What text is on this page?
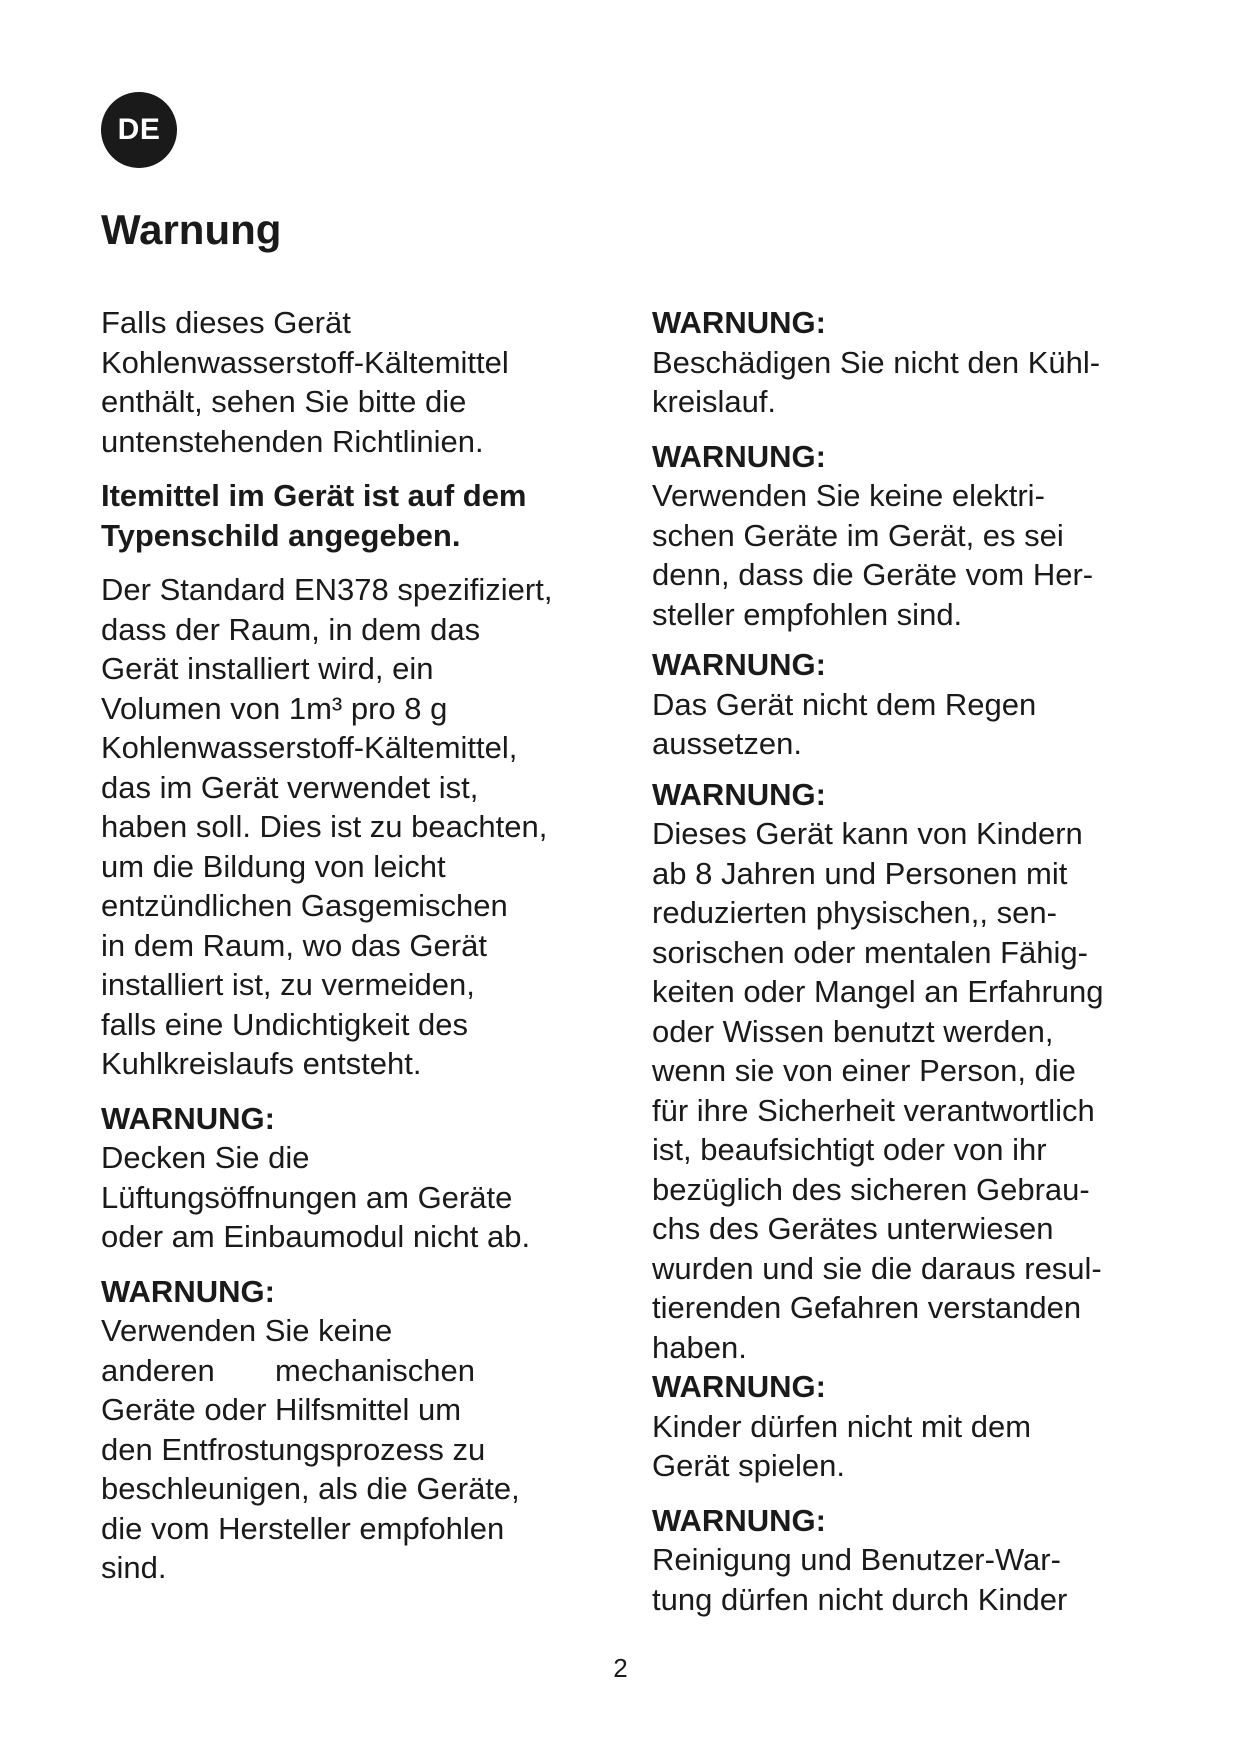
DE
Warnung

Falls dieses Gerät
Kohlenwasserstoff-Kältemittel
enthält, sehen Sie bitte die
untenstehenden Richtlinien.

Itemittel im Gerät ist auf dem
Typenschild angegeben.

Der Standard EN378 spezifiziert,
dass der Raum, in dem das
Gerät installiert wird, ein
Volumen von 1m³ pro 8 g
Kohlenwasserstoff-Kältemittel,
das im Gerät verwendet ist,
haben soll. Dies ist zu beachten,
um die Bildung von leicht
entzündlichen Gasgemischen
in dem Raum, wo das Gerät
installiert ist, zu vermeiden,
falls eine Undichtigkeit des
Kuhlkreislaufs entsteht.

WARNUNG:
Decken Sie die
Lüftungsöffnungen am Geräte
oder am Einbaumodul nicht ab.
WARNUNG:
Verwenden Sie keine
anderen       mechanischen
Geräte oder Hilfsmittel um
den Entfrostungsprozess zu
beschleunigen, als die Geräte,
die vom Hersteller empfohlen
sind.
WARNUNG:
Beschädigen Sie nicht den Kühl-
kreislauf.
WARNUNG:
Verwenden Sie keine elektri-
schen Geräte im Gerät, es sei
denn, dass die Geräte vom Her-
steller empfohlen sind.
WARNUNG:
Das Gerät nicht dem Regen
aussetzen.
WARNUNG:
Dieses Gerät kann von Kindern
ab 8 Jahren und Personen mit
reduzierten physischen,, sen-
sorischen oder mentalen Fähig-
keiten oder Mangel an Erfahrung
oder Wissen benutzt werden,
wenn sie von einer Person, die
für ihre Sicherheit verantwortlich
ist, beaufsichtigt oder von ihr
bezüglich des sicheren Gebrau-
chs des Gerätes unterwiesen
wurden und sie die daraus resul-
tierenden Gefahren verstanden
haben.
WARNUNG:
Kinder dürfen nicht mit dem
Gerät spielen.
WARNUNG:
Reinigung und Benutzer-War-
tung dürfen nicht durch Kinder
2
